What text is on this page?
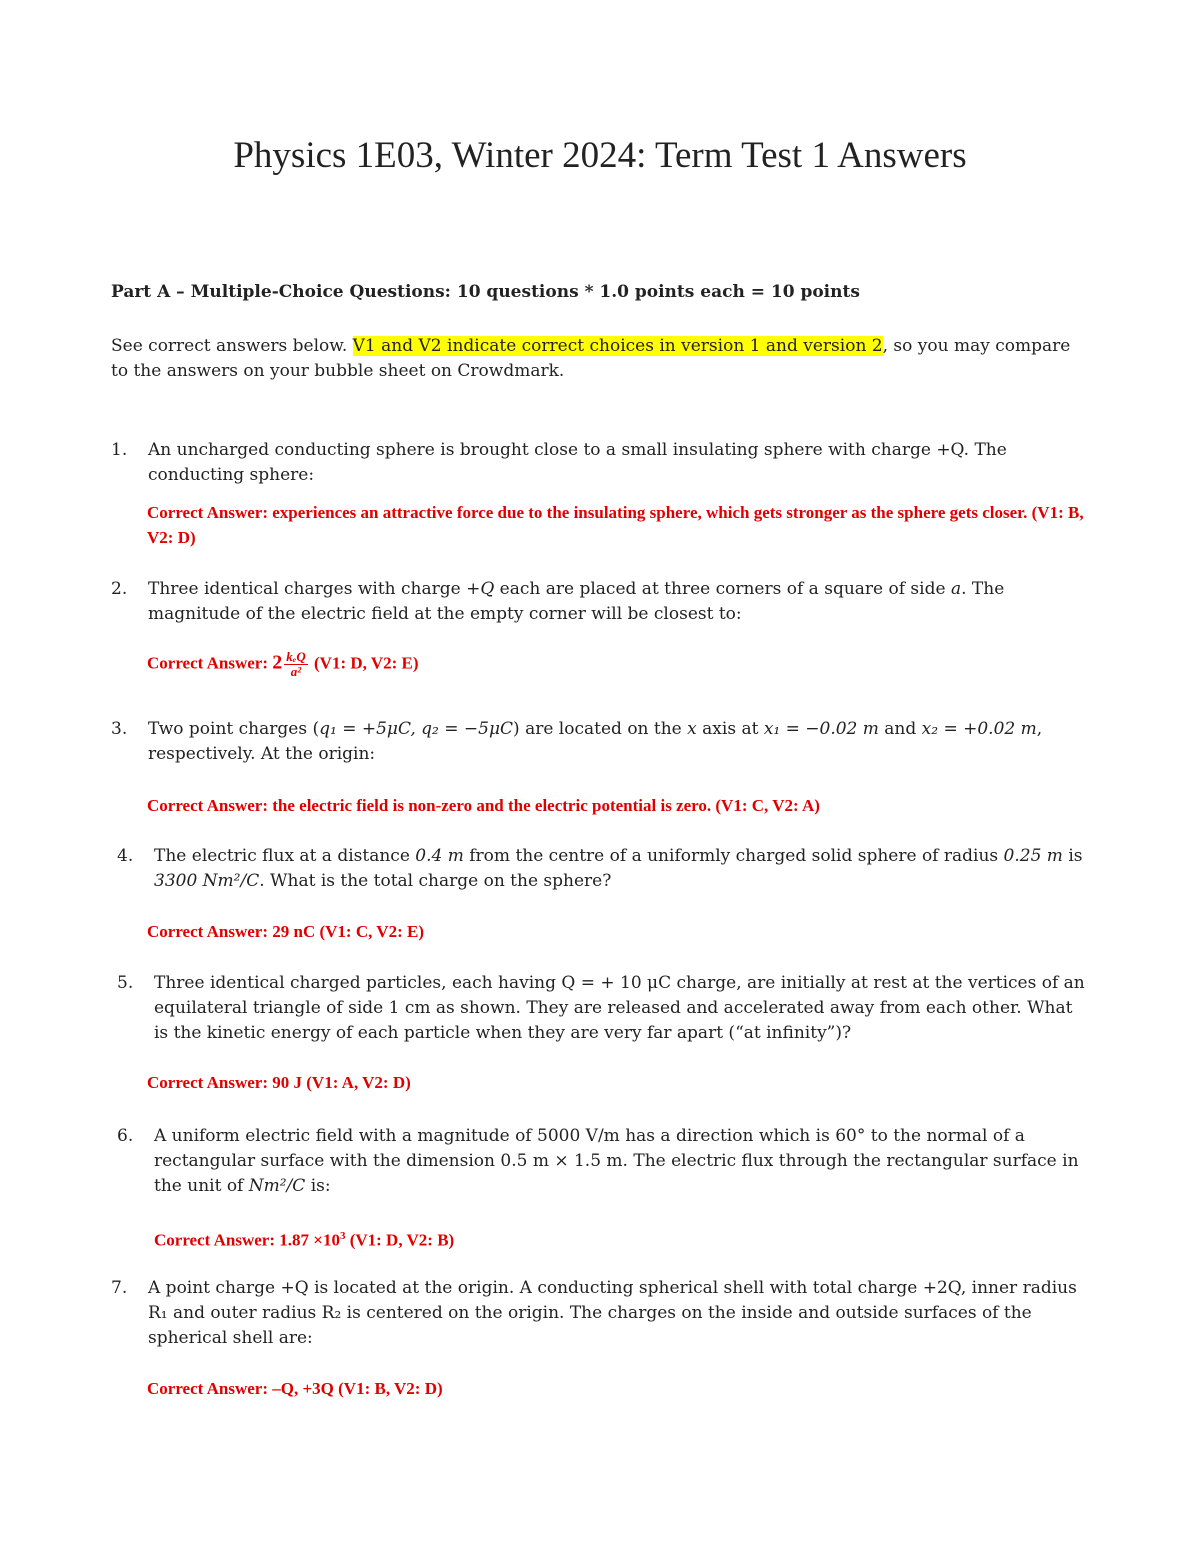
Physics 1E03, Winter 2024: Term Test 1 Answers

Part A – Multiple-Choice Questions: 10 questions * 1.0 points each = 10 points

See correct answers below. V1 and V2 indicate correct choices in version 1 and version 2, so you may compare to the answers on your bubble sheet on Crowdmark.

1.	An uncharged conducting sphere is brought close to a small insulating sphere with charge +Q. The conducting sphere:
Correct Answer: experiences an attractive force due to the insulating sphere, which gets stronger as the sphere gets closer. (V1: B, V2: D)
2.	Three identical charges with charge +Q each are placed at three corners of a square of side a. The magnitude of the electric field at the empty corner will be closest to:
Correct Answer: $2 \frac{\text{kₑQ}}{\text{a²}} (V1$: D, V2: E)
3.	Two point charges (q₁ = +5μC, q₂ = −5μC) are located on the x axis at x₁ = −0.02 m and x₂ = +0.02 m, respectively. At the origin:
Correct Answer: the electric field is non-zero and the electric potential is zero. (V1: C, V2: A)
4.	The electric flux at a distance 0.4 m from the centre of a uniformly charged solid sphere of radius 0.25 m is 3300 Nm²/C. What is the total charge on the sphere?
Correct Answer: 29 nC (V1: C, V2: E)
5.	Three identical charged particles, each having Q = + 10 μC charge, are initially at rest at the vertices of an equilateral triangle of side 1 cm as shown. They are released and accelerated away from each other. What is the kinetic energy of each particle when they are very far apart (“at infinity”)?
Correct Answer: 90 J (V1: A, V2: D)
6.	A uniform electric field with a magnitude of 5000 V/m has a direction which is 60° to the normal of a rectangular surface with the dimension 0.5 m × 1.5 m. The electric flux through the rectangular surface in the unit of Nm²/C is:
Correct Answer: $1.87 \times 10^3$ (V1: D, V2: B)
7.	A point charge +Q is located at the origin. A conducting spherical shell with total charge +2Q, inner radius R₁ and outer radius R₂ is centered on the origin. The charges on the inside and outside surfaces of the spherical shell are:
Correct Answer: –Q, +3Q (V1: B, V2: D)
